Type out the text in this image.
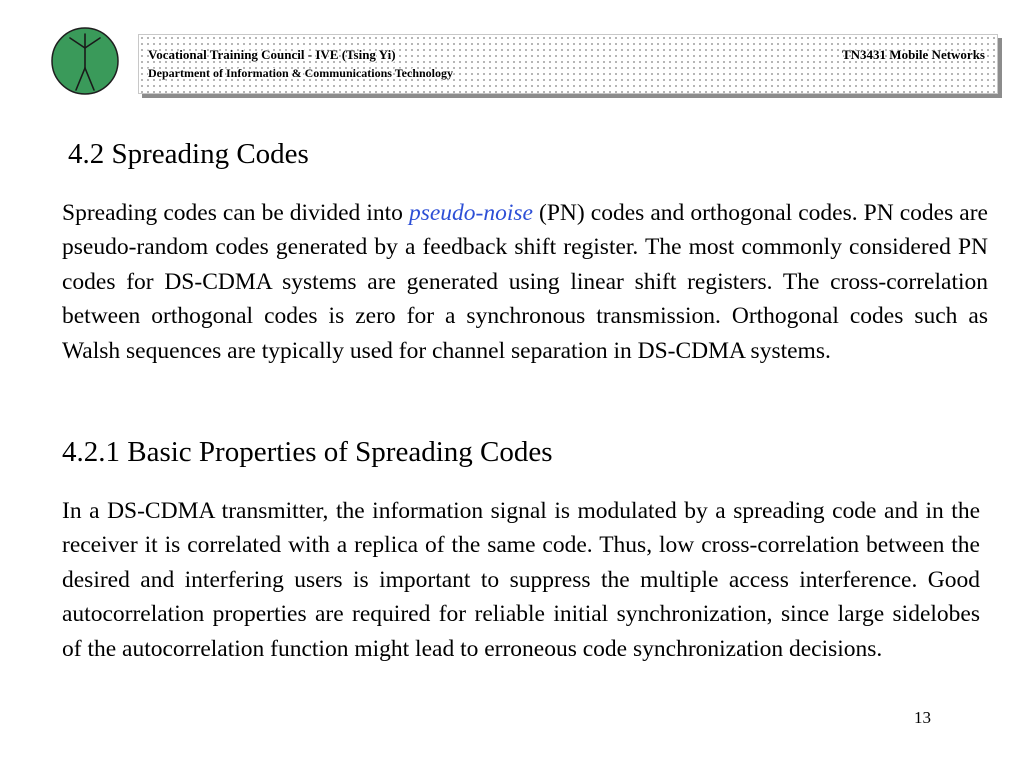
Vocational Training Council - IVE (Tsing Yi)
Department of Information & Communications Technology
TN3431 Mobile Networks
4.2 Spreading Codes

Spreading codes can be divided into pseudo-noise (PN) codes and orthogonal codes. PN codes are pseudo-random codes generated by a feedback shift register. The most commonly considered PN codes for DS-CDMA systems are generated using linear shift registers. The cross-correlation between orthogonal codes is zero for a synchronous transmission. Orthogonal codes such as Walsh sequences are typically used for channel separation in DS-CDMA systems.

4.2.1 Basic Properties of Spreading Codes

In a DS-CDMA transmitter, the information signal is modulated by a spreading code and in the receiver it is correlated with a replica of the same code. Thus, low cross-correlation between the desired and interfering users is important to suppress the multiple access interference. Good autocorrelation properties are required for reliable initial synchronization, since large sidelobes of the autocorrelation function might lead to erroneous code synchronization decisions.

13
